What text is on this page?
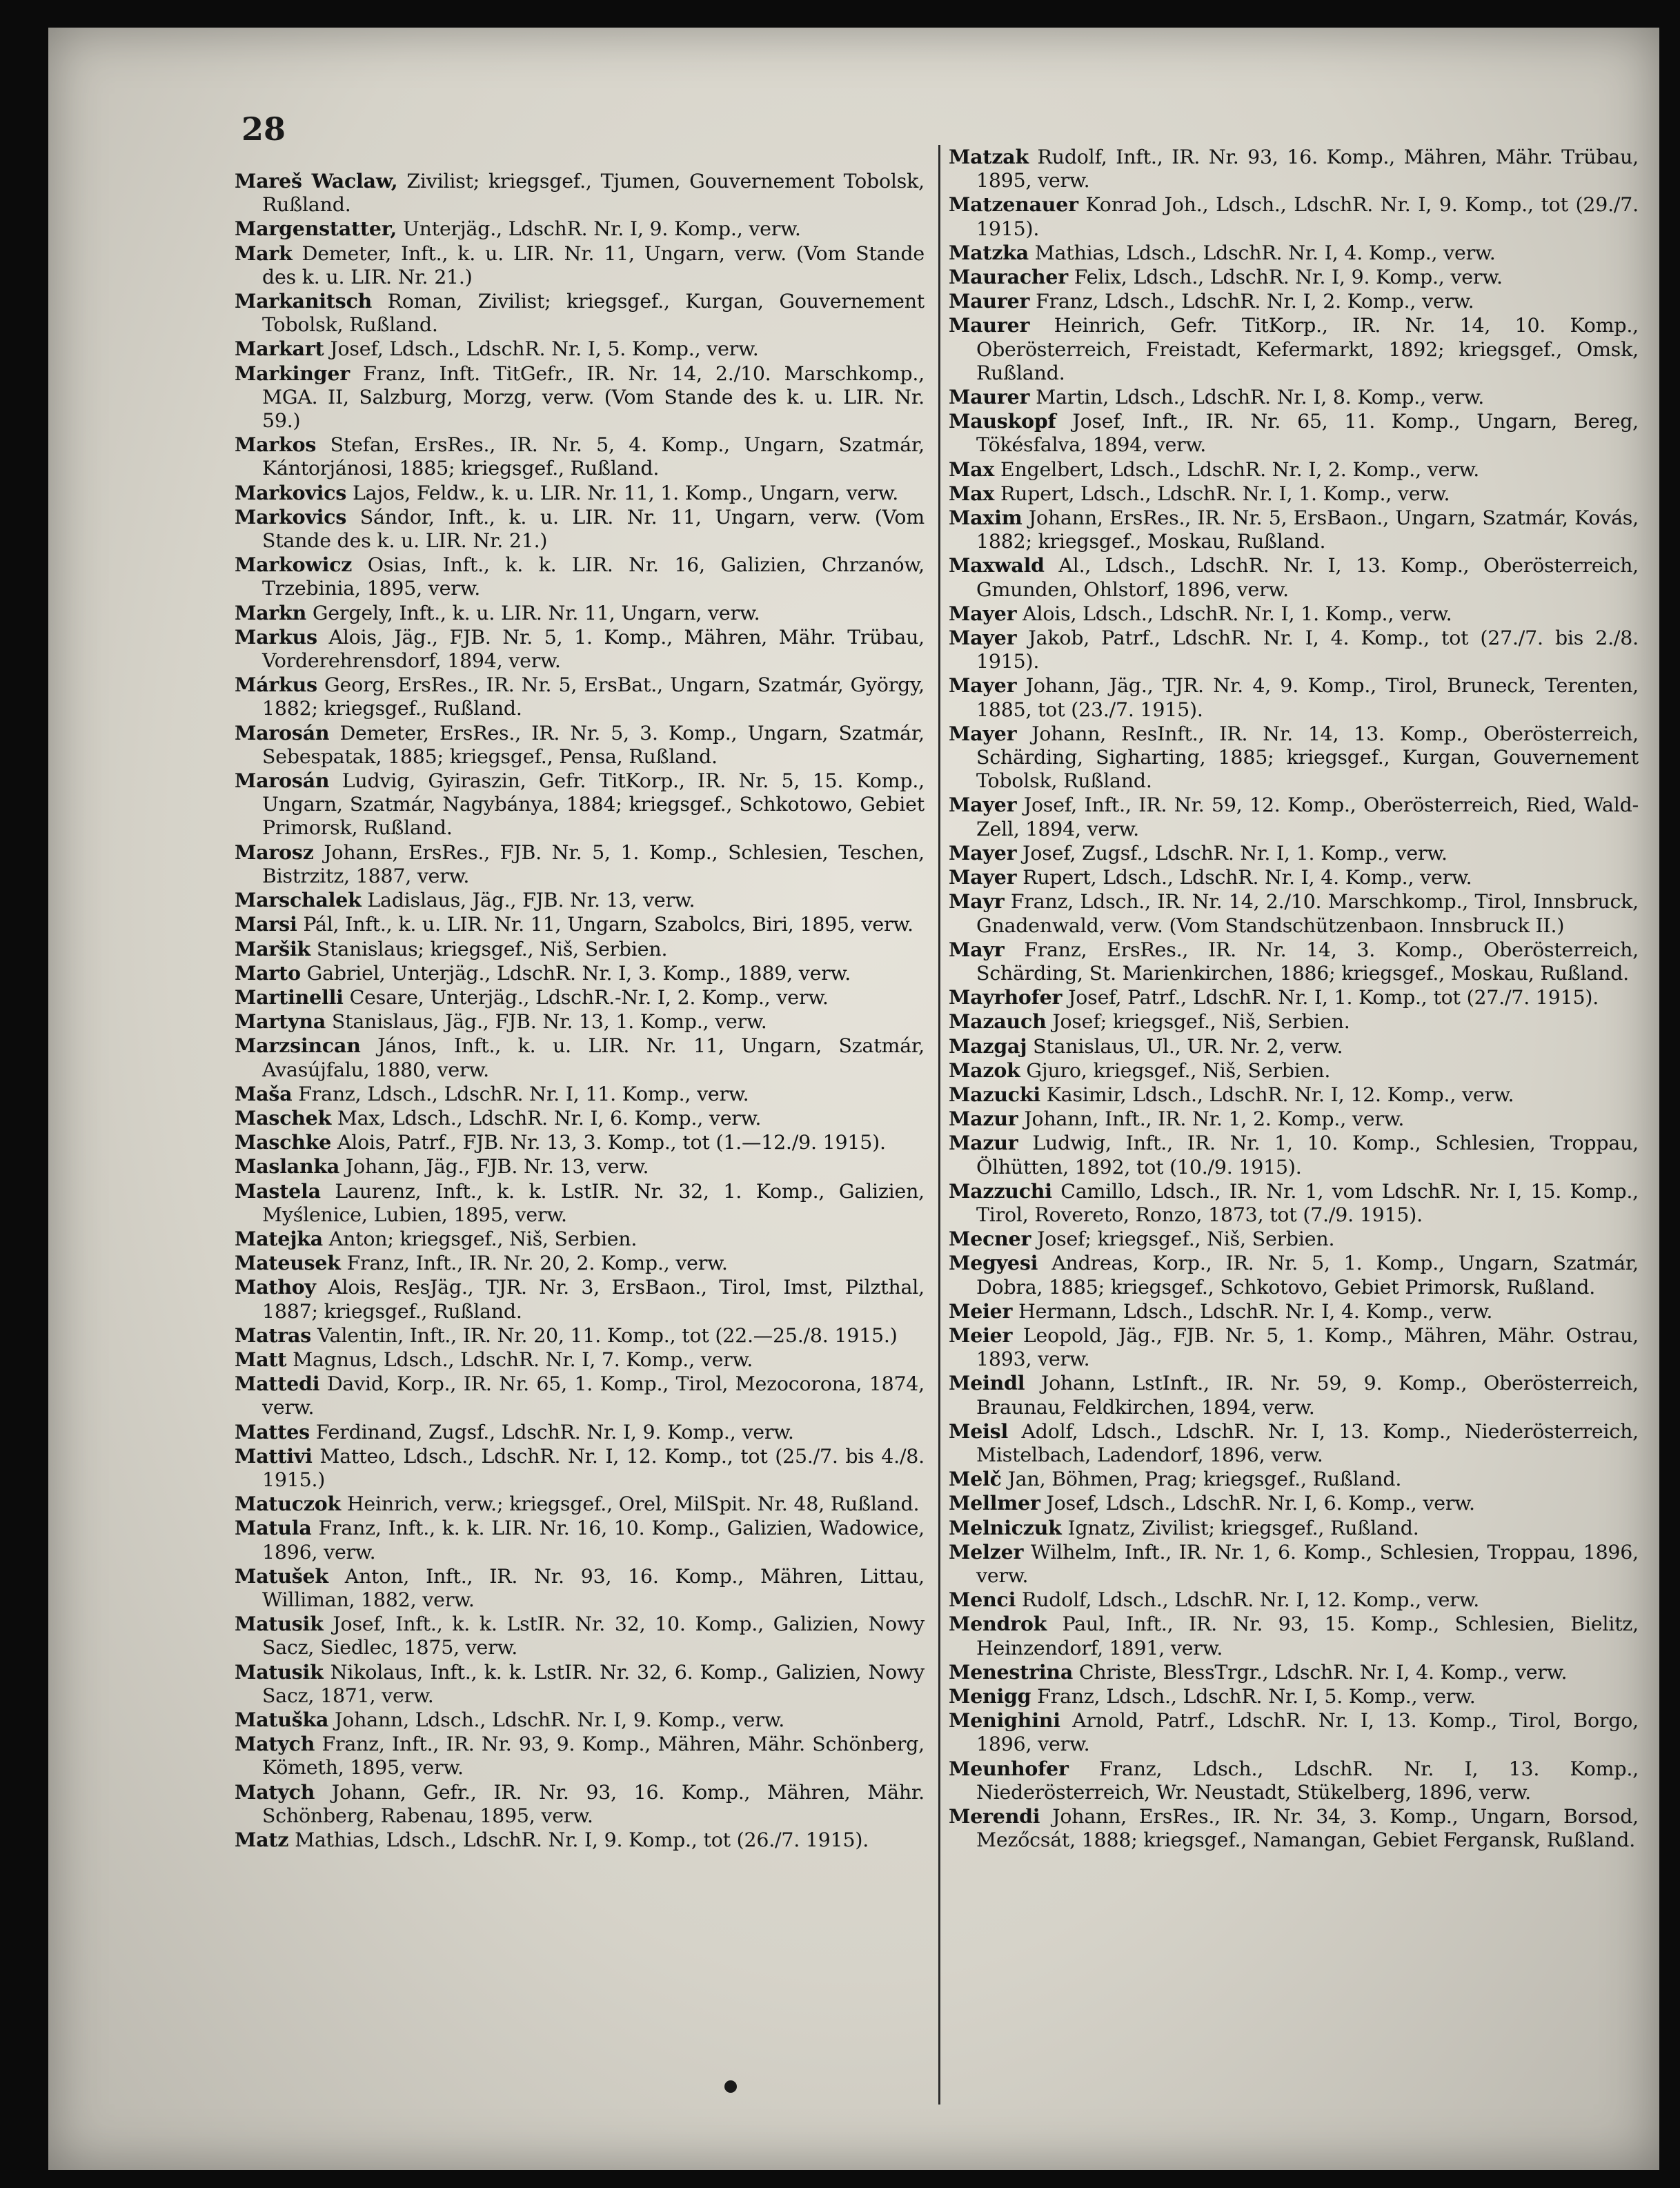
28

Mareš Waclaw, Zivilist; kriegsgef., Tjumen, Gouvernement Tobolsk, Rußland.

Margenstatter, Unterjäg., LdschR. Nr. I, 9. Komp., verw.

Mark Demeter, Inft., k. u. LIR. Nr. 11, Ungarn, verw. (Vom Stande des k. u. LIR. Nr. 21.)

Markanitsch Roman, Zivilist; kriegsgef., Kurgan, Gouvernement Tobolsk, Rußland.

Markart Josef, Ldsch., LdschR. Nr. I, 5. Komp., verw.

Markinger Franz, Inft. TitGefr., IR. Nr. 14, 2./10. Marschkomp., MGA. II, Salzburg, Morzg, verw. (Vom Stande des k. u. LIR. Nr. 59.)

Markos Stefan, ErsRes., IR. Nr. 5, 4. Komp., Ungarn, Szatmár, Kántorjánosi, 1885; kriegsgef., Rußland.

Markovics Lajos, Feldw., k. u. LIR. Nr. 11, 1. Komp., Ungarn, verw.

Markovics Sándor, Inft., k. u. LIR. Nr. 11, Ungarn, verw. (Vom Stande des k. u. LIR. Nr. 21.)

Markowicz Osias, Inft., k. k. LIR. Nr. 16, Galizien, Chrzanów, Trzebinia, 1895, verw.

Markn Gergely, Inft., k. u. LIR. Nr. 11, Ungarn, verw.

Markus Alois, Jäg., FJB. Nr. 5, 1. Komp., Mähren, Mähr. Trübau, Vorderehrensdorf, 1894, verw.

Márkus Georg, ErsRes., IR. Nr. 5, ErsBat., Ungarn, Szatmár, György, 1882; kriegsgef., Rußland.

Marosán Demeter, ErsRes., IR. Nr. 5, 3. Komp., Ungarn, Szatmár, Sebespatak, 1885; kriegsgef., Pensa, Rußland.

Marosán Ludvig, Gyiraszin, Gefr. TitKorp., IR. Nr. 5, 15. Komp., Ungarn, Szatmár, Nagybánya, 1884; kriegsgef., Schkotowo, Gebiet Primorsk, Rußland.

Marosz Johann, ErsRes., FJB. Nr. 5, 1. Komp., Schlesien, Teschen, Bistrzitz, 1887, verw.

Marschalek Ladislaus, Jäg., FJB. Nr. 13, verw.

Marsi Pál, Inft., k. u. LIR. Nr. 11, Ungarn, Szabolcs, Biri, 1895, verw.

Maršik Stanislaus; kriegsgef., Niš, Serbien.

Marto Gabriel, Unterjäg., LdschR. Nr. I, 3. Komp., 1889, verw.

Martinelli Cesare, Unterjäg., LdschR.-Nr. I, 2. Komp., verw.

Martyna Stanislaus, Jäg., FJB. Nr. 13, 1. Komp., verw.

Marzsincan János, Inft., k. u. LIR. Nr. 11, Ungarn, Szatmár, Avasújfalu, 1880, verw.

Maša Franz, Ldsch., LdschR. Nr. I, 11. Komp., verw.

Maschek Max, Ldsch., LdschR. Nr. I, 6. Komp., verw.

Maschke Alois, Patrf., FJB. Nr. 13, 3. Komp., tot (1.—12./9. 1915).

Maslanka Johann, Jäg., FJB. Nr. 13, verw.

Mastela Laurenz, Inft., k. k. LstIR. Nr. 32, 1. Komp., Galizien, Myślenice, Lubien, 1895, verw.

Matejka Anton; kriegsgef., Niš, Serbien.

Mateusek Franz, Inft., IR. Nr. 20, 2. Komp., verw.

Mathoy Alois, ResJäg., TJR. Nr. 3, ErsBaon., Tirol, Imst, Pilzthal, 1887; kriegsgef., Rußland.

Matras Valentin, Inft., IR. Nr. 20, 11. Komp., tot (22.—25./8. 1915.)

Matt Magnus, Ldsch., LdschR. Nr. I, 7. Komp., verw.

Mattedi David, Korp., IR. Nr. 65, 1. Komp., Tirol, Mezocorona, 1874, verw.

Mattes Ferdinand, Zugsf., LdschR. Nr. I, 9. Komp., verw.

Mattivi Matteo, Ldsch., LdschR. Nr. I, 12. Komp., tot (25./7. bis 4./8. 1915.)

Matuczok Heinrich, verw.; kriegsgef., Orel, MilSpit. Nr. 48, Rußland.

Matula Franz, Inft., k. k. LIR. Nr. 16, 10. Komp., Galizien, Wadowice, 1896, verw.

Matušek Anton, Inft., IR. Nr. 93, 16. Komp., Mähren, Littau, Williman, 1882, verw.

Matusik Josef, Inft., k. k. LstIR. Nr. 32, 10. Komp., Galizien, Nowy Sacz, Siedlec, 1875, verw.

Matusik Nikolaus, Inft., k. k. LstIR. Nr. 32, 6. Komp., Galizien, Nowy Sacz, 1871, verw.

Matuška Johann, Ldsch., LdschR. Nr. I, 9. Komp., verw.

Matych Franz, Inft., IR. Nr. 93, 9. Komp., Mähren, Mähr. Schönberg, Kömeth, 1895, verw.

Matych Johann, Gefr., IR. Nr. 93, 16. Komp., Mähren, Mähr. Schönberg, Rabenau, 1895, verw.

Matz Mathias, Ldsch., LdschR. Nr. I, 9. Komp., tot (26./7. 1915).

Matzak Rudolf, Inft., IR. Nr. 93, 16. Komp., Mähren, Mähr. Trübau, 1895, verw.

Matzenauer Konrad Joh., Ldsch., LdschR. Nr. I, 9. Komp., tot (29./7. 1915).

Matzka Mathias, Ldsch., LdschR. Nr. I, 4. Komp., verw.

Mauracher Felix, Ldsch., LdschR. Nr. I, 9. Komp., verw.

Maurer Franz, Ldsch., LdschR. Nr. I, 2. Komp., verw.

Maurer Heinrich, Gefr. TitKorp., IR. Nr. 14, 10. Komp., Oberösterreich, Freistadt, Kefermarkt, 1892; kriegsgef., Omsk, Rußland.

Maurer Martin, Ldsch., LdschR. Nr. I, 8. Komp., verw.

Mauskopf Josef, Inft., IR. Nr. 65, 11. Komp., Ungarn, Bereg, Tökésfalva, 1894, verw.

Max Engelbert, Ldsch., LdschR. Nr. I, 2. Komp., verw.

Max Rupert, Ldsch., LdschR. Nr. I, 1. Komp., verw.

Maxim Johann, ErsRes., IR. Nr. 5, ErsBaon., Ungarn, Szatmár, Kovás, 1882; kriegsgef., Moskau, Rußland.

Maxwald Al., Ldsch., LdschR. Nr. I, 13. Komp., Oberösterreich, Gmunden, Ohlstorf, 1896, verw.

Mayer Alois, Ldsch., LdschR. Nr. I, 1. Komp., verw.

Mayer Jakob, Patrf., LdschR. Nr. I, 4. Komp., tot (27./7. bis 2./8. 1915).

Mayer Johann, Jäg., TJR. Nr. 4, 9. Komp., Tirol, Bruneck, Terenten, 1885, tot (23./7. 1915).

Mayer Johann, ResInft., IR. Nr. 14, 13. Komp., Oberösterreich, Schärding, Sigharting, 1885; kriegsgef., Kurgan, Gouvernement Tobolsk, Rußland.

Mayer Josef, Inft., IR. Nr. 59, 12. Komp., Oberösterreich, Ried, Wald-Zell, 1894, verw.

Mayer Josef, Zugsf., LdschR. Nr. I, 1. Komp., verw.

Mayer Rupert, Ldsch., LdschR. Nr. I, 4. Komp., verw.

Mayr Franz, Ldsch., IR. Nr. 14, 2./10. Marschkomp., Tirol, Innsbruck, Gnadenwald, verw. (Vom Standschützenbaon. Innsbruck II.)

Mayr Franz, ErsRes., IR. Nr. 14, 3. Komp., Oberösterreich, Schärding, St. Marienkirchen, 1886; kriegsgef., Moskau, Rußland.

Mayrhofer Josef, Patrf., LdschR. Nr. I, 1. Komp., tot (27./7. 1915).

Mazauch Josef; kriegsgef., Niš, Serbien.

Mazgaj Stanislaus, Ul., UR. Nr. 2, verw.

Mazok Gjuro, kriegsgef., Niš, Serbien.

Mazucki Kasimir, Ldsch., LdschR. Nr. I, 12. Komp., verw.

Mazur Johann, Inft., IR. Nr. 1, 2. Komp., verw.

Mazur Ludwig, Inft., IR. Nr. 1, 10. Komp., Schlesien, Troppau, Ölhütten, 1892, tot (10./9. 1915).

Mazzuchi Camillo, Ldsch., IR. Nr. 1, vom LdschR. Nr. I, 15. Komp., Tirol, Rovereto, Ronzo, 1873, tot (7./9. 1915).

Mecner Josef; kriegsgef., Niš, Serbien.

Megyesi Andreas, Korp., IR. Nr. 5, 1. Komp., Ungarn, Szatmár, Dobra, 1885; kriegsgef., Schkotovo, Gebiet Primorsk, Rußland.

Meier Hermann, Ldsch., LdschR. Nr. I, 4. Komp., verw.

Meier Leopold, Jäg., FJB. Nr. 5, 1. Komp., Mähren, Mähr. Ostrau, 1893, verw.

Meindl Johann, LstInft., IR. Nr. 59, 9. Komp., Oberösterreich, Braunau, Feldkirchen, 1894, verw.

Meisl Adolf, Ldsch., LdschR. Nr. I, 13. Komp., Niederösterreich, Mistelbach, Ladendorf, 1896, verw.

Melč Jan, Böhmen, Prag; kriegsgef., Rußland.

Mellmer Josef, Ldsch., LdschR. Nr. I, 6. Komp., verw.

Melniczuk Ignatz, Zivilist; kriegsgef., Rußland.

Melzer Wilhelm, Inft., IR. Nr. 1, 6. Komp., Schlesien, Troppau, 1896, verw.

Menci Rudolf, Ldsch., LdschR. Nr. I, 12. Komp., verw.

Mendrok Paul, Inft., IR. Nr. 93, 15. Komp., Schlesien, Bielitz, Heinzendorf, 1891, verw.

Menestrina Christe, BlessTrgr., LdschR. Nr. I, 4. Komp., verw.

Menigg Franz, Ldsch., LdschR. Nr. I, 5. Komp., verw.

Menighini Arnold, Patrf., LdschR. Nr. I, 13. Komp., Tirol, Borgo, 1896, verw.

Meunhofer Franz, Ldsch., LdschR. Nr. I, 13. Komp., Niederösterreich, Wr. Neustadt, Stükelberg, 1896, verw.

Merendi Johann, ErsRes., IR. Nr. 34, 3. Komp., Ungarn, Borsod, Mezőcsát, 1888; kriegsgef., Namangan, Gebiet Fergansk, Rußland.
